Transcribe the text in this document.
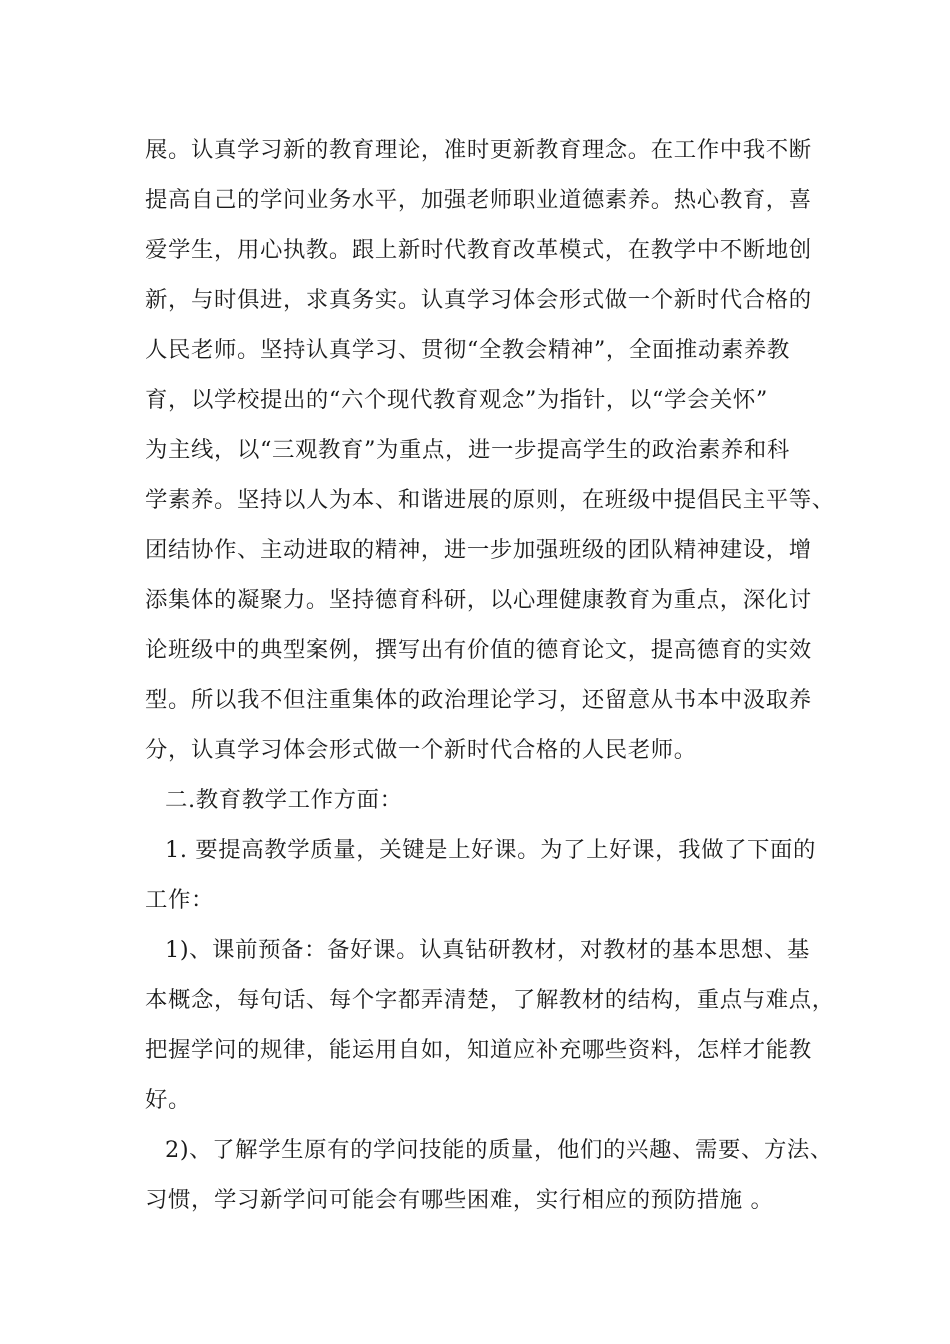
展。认真学习新的教育理论，准时更新教育理念。在工作中我不断

提高自己的学问业务水平，加强老师职业道德素养。热心教育，喜

爱学生，用心执教。跟上新时代教育改革模式，在教学中不断地创

新，与时俱进，求真务实。认真学习体会形式做一个新时代合格的

人民老师。坚持认真学习、贯彻“全教会精神”，全面推动素养教

育，以学校提出的“六个现代教育观念”为指针，以“学会关怀”

为主线，以“三观教育”为重点，进一步提高学生的政治素养和科

学素养。坚持以人为本、和谐进展的原则，在班级中提倡民主平等、

团结协作、主动进取的精神，进一步加强班级的团队精神建设，增

添集体的凝聚力。坚持德育科研，以心理健康教育为重点，深化讨

论班级中的典型案例，撰写出有价值的德育论文，提高德育的实效

型。所以我不但注重集体的政治理论学习，还留意从书本中汲取养

分，认真学习体会形式做一个新时代合格的人民老师。

二.教育教学工作方面：

1. 要提高教学质量，关键是上好课。为了上好课，我做了下面的

工作：

1)、课前预备：备好课。认真钻研教材，对教材的基本思想、基

本概念，每句话、每个字都弄清楚，了解教材的结构，重点与难点，

把握学问的规律，能运用自如，知道应补充哪些资料，怎样才能教

好。

2)、了解学生原有的学问技能的质量，他们的兴趣、需要、方法、

习惯，学习新学问可能会有哪些困难，实行相应的预防措施 。
